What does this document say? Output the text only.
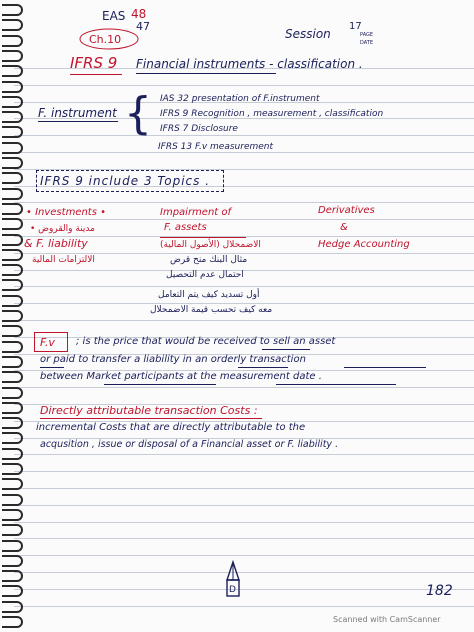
EAS 48
47
Ch.10	Session
17
PAGE
DATE
IFRS 9 Financial instruments - classification .
F. instrument { IAS 32 presentation of F.instrument
IFRS 9 Recognition , measurement , classification
IFRS 7 Disclosure
IFRS 13 F.v measurement
IFRS 9 include 3 Topics .
• Investments •
• مدينة والقروض
& F. liability
الالتزامات المالية
Impairment of
F. assets
Derivatives
&
Hedge Accounting
الاضمحلال (الأصول المالية)
مثال البنك منح قرض
احتمال عدم التحصيل
أول تسديد كيف يتم التعامل
معه كيف تحسب قيمة الاضمحلال
F.v ; is the price that would be received to sell an asset
or paid to transfer a liability in an orderly transaction
between Market participants at the measurement date .
Directly attributable transaction Costs :
incremental Costs that are directly attributable to the
acqusition , issue or disposal of a Financial asset or F. liability .
D	182
Scanned with CamScanner
